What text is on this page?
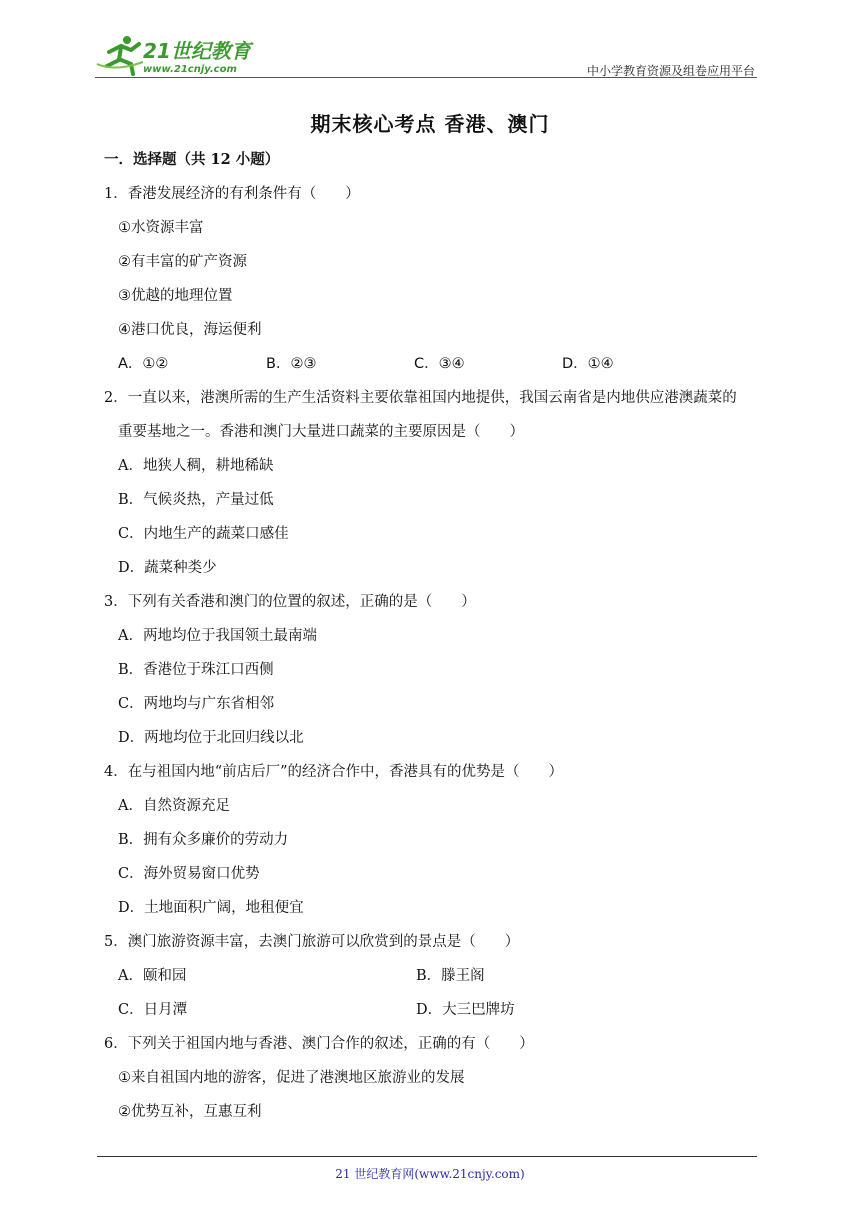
21世纪教育
www.21cnjy.com	中小学教育资源及组卷应用平台
期末核心考点 香港、澳门
一．选择题（共 12 小题）
1．香港发展经济的有利条件有（　　）
①水资源丰富
②有丰富的矿产资源
③优越的地理位置
④港口优良，海运便利
A．①②	B．②③	C．③④	D．①④
2．一直以来，港澳所需的生产生活资料主要依靠祖国内地提供，我国云南省是内地供应港澳蔬菜的
重要基地之一。香港和澳门大量进口蔬菜的主要原因是（　　）
A．地狭人稠，耕地稀缺
B．气候炎热，产量过低
C．内地生产的蔬菜口感佳
D．蔬菜种类少
3．下列有关香港和澳门的位置的叙述，正确的是（　　）
A．两地均位于我国领土最南端
B．香港位于珠江口西侧
C．两地均与广东省相邻
D．两地均位于北回归线以北
4．在与祖国内地“前店后厂”的经济合作中，香港具有的优势是（　　）
A．自然资源充足
B．拥有众多廉价的劳动力
C．海外贸易窗口优势
D．土地面积广阔，地租便宜
5．澳门旅游资源丰富，去澳门旅游可以欣赏到的景点是（　　）
A．颐和园	B．滕王阁
C．日月潭	D．大三巴牌坊
6．下列关于祖国内地与香港、澳门合作的叙述，正确的有（　　）
①来自祖国内地的游客，促进了港澳地区旅游业的发展
②优势互补，互惠互利
21 世纪教育网(www.21cnjy.com)
